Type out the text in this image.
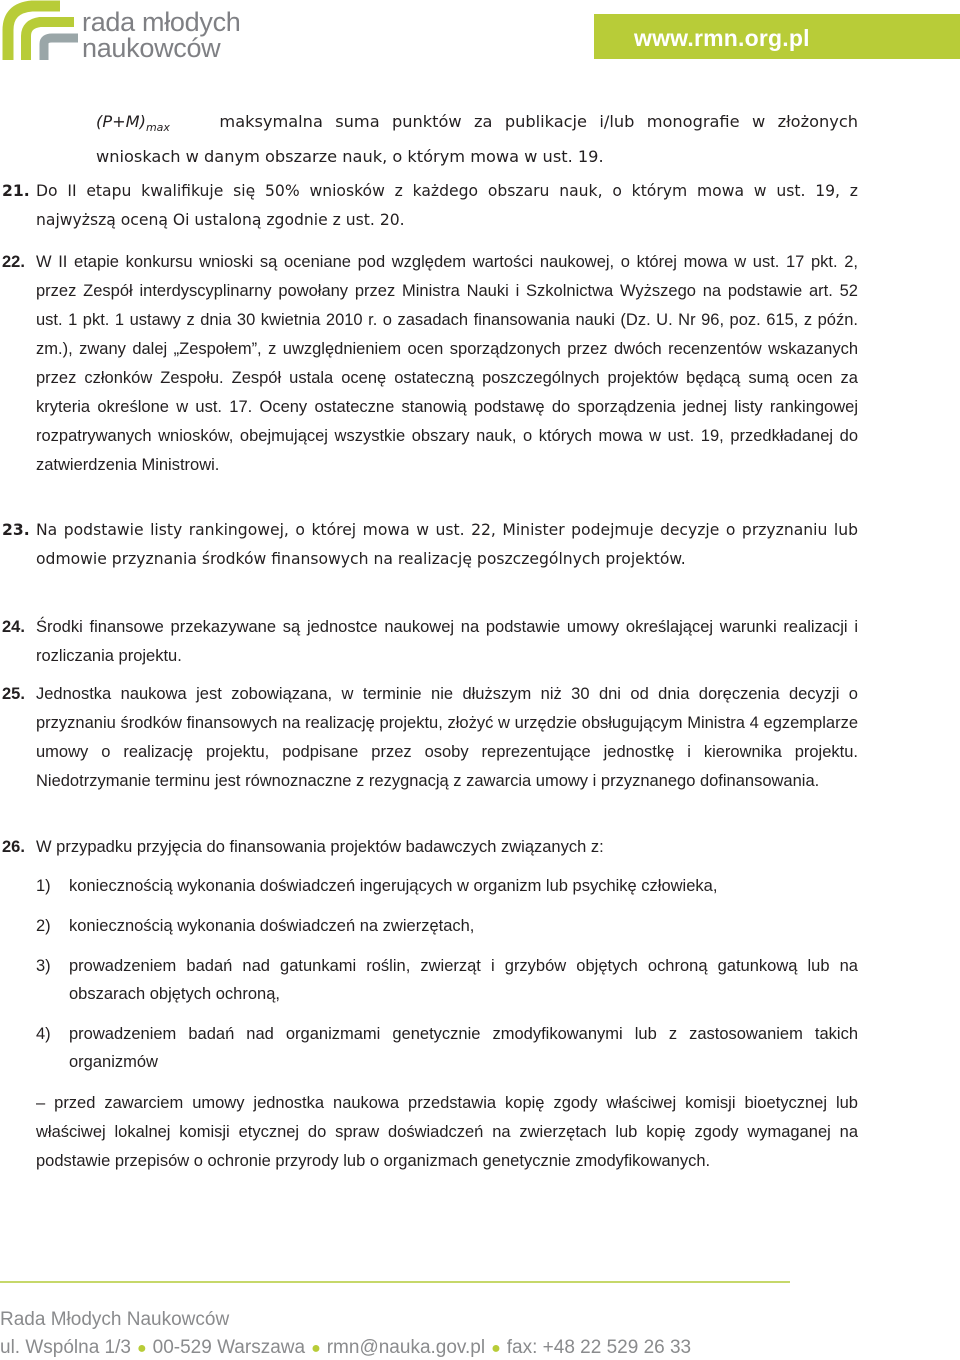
rada młodych
naukowców	www.rmn.org.pl
$(P+M)_{max}$	maksymalna suma punktów za publikacje i/lub monografie w złożonych wnioskach w danym obszarze nauk, o którym mowa w ust. 19.
21. Do II etapu kwalifikuje się 50% wniosków z każdego obszaru nauk, o którym mowa w ust. 19, z najwyższą oceną Oi ustaloną zgodnie z ust. 20.
22. W II etapie konkursu wnioski są oceniane pod względem wartości naukowej, o której mowa w ust. 17 pkt. 2, przez Zespół interdyscyplinarny powołany przez Ministra Nauki i Szkolnictwa Wyższego na podstawie art. 52 ust. 1 pkt. 1 ustawy z dnia 30 kwietnia 2010 r. o zasadach finansowania nauki (Dz. U. Nr 96, poz. 615, z późn. zm.), zwany dalej „Zespołem”, z uwzględnieniem ocen sporządzonych przez dwóch recenzentów wskazanych przez członków Zespołu. Zespół ustala ocenę ostateczną poszczególnych projektów będącą sumą ocen za kryteria określone w ust. 17. Oceny ostateczne stanowią podstawę do sporządzenia jednej listy rankingowej rozpatrywanych wniosków, obejmującej wszystkie obszary nauk, o których mowa w ust. 19, przedkładanej do zatwierdzenia Ministrowi.
23. Na podstawie listy rankingowej, o której mowa w ust. 22, Minister podejmuje decyzje o przyznaniu lub odmowie przyznania środków finansowych na realizację poszczególnych projektów.
24. Środki finansowe przekazywane są jednostce naukowej na podstawie umowy określającej warunki realizacji i rozliczania projektu.
25. Jednostka naukowa jest zobowiązana, w terminie nie dłuższym niż 30 dni od dnia doręczenia decyzji o przyznaniu środków finansowych na realizację projektu, złożyć w urzędzie obsługującym Ministra 4 egzemplarze umowy o realizację projektu, podpisane przez osoby reprezentujące jednostkę i kierownika projektu. Niedotrzymanie terminu jest równoznaczne z rezygnacją z zawarcia umowy i przyznanego dofinansowania.
26. W przypadku przyjęcia do finansowania projektów badawczych związanych z:
1) koniecznością wykonania doświadczeń ingerujących w organizm lub psychikę człowieka,
2) koniecznością wykonania doświadczeń na zwierzętach,
3) prowadzeniem badań nad gatunkami roślin, zwierząt i grzybów objętych ochroną gatunkową lub na obszarach objętych ochroną,
4) prowadzeniem badań nad organizmami genetycznie zmodyfikowanymi lub z zastosowaniem takich organizmów
– przed zawarciem umowy jednostka naukowa przedstawia kopię zgody właściwej komisji bioetycznej lub właściwej lokalnej komisji etycznej do spraw doświadczeń na zwierzętach lub kopię zgody wymaganej na podstawie przepisów o ochronie przyrody lub o organizmach genetycznie zmodyfikowanych.
Rada Młodych Naukowców
ul. Wspólna 1/3 ● 00-529 Warszawa ● rmn@nauka.gov.pl ● fax: +48 22 529 26 33
